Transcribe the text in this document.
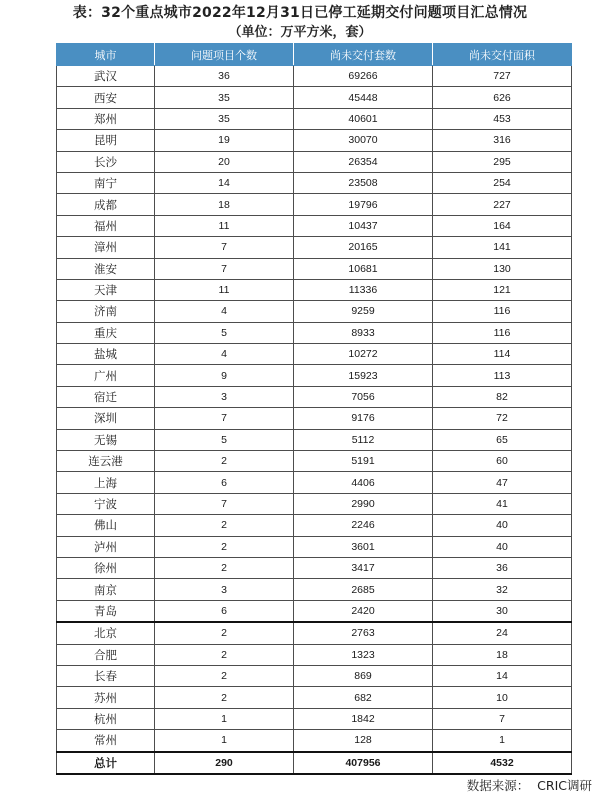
表：32个重点城市2022年12月31日已停工延期交付问题项目汇总情况
（单位：万平方米，套）
城市	问题项目个数	尚未交付套数	尚未交付面积
武汉	36	69266	727
西安	35	45448	626
郑州	35	40601	453
昆明	19	30070	316
长沙	20	26354	295
南宁	14	23508	254
成都	18	19796	227
福州	11	10437	164
漳州	7	20165	141
淮安	7	10681	130
天津	11	11336	121
济南	4	9259	116
重庆	5	8933	116
盐城	4	10272	114
广州	9	15923	113
宿迁	3	7056	82
深圳	7	9176	72
无锡	5	5112	65
连云港	2	5191	60
上海	6	4406	47
宁波	7	2990	41
佛山	2	2246	40
泸州	2	3601	40
徐州	2	3417	36
南京	3	2685	32
青岛	6	2420	30
北京	2	2763	24
合肥	2	1323	18
长春	2	869	14
苏州	2	682	10
杭州	1	1842	7
常州	1	128	1
总计	290	407956	4532
数据来源：  CRIC调研
